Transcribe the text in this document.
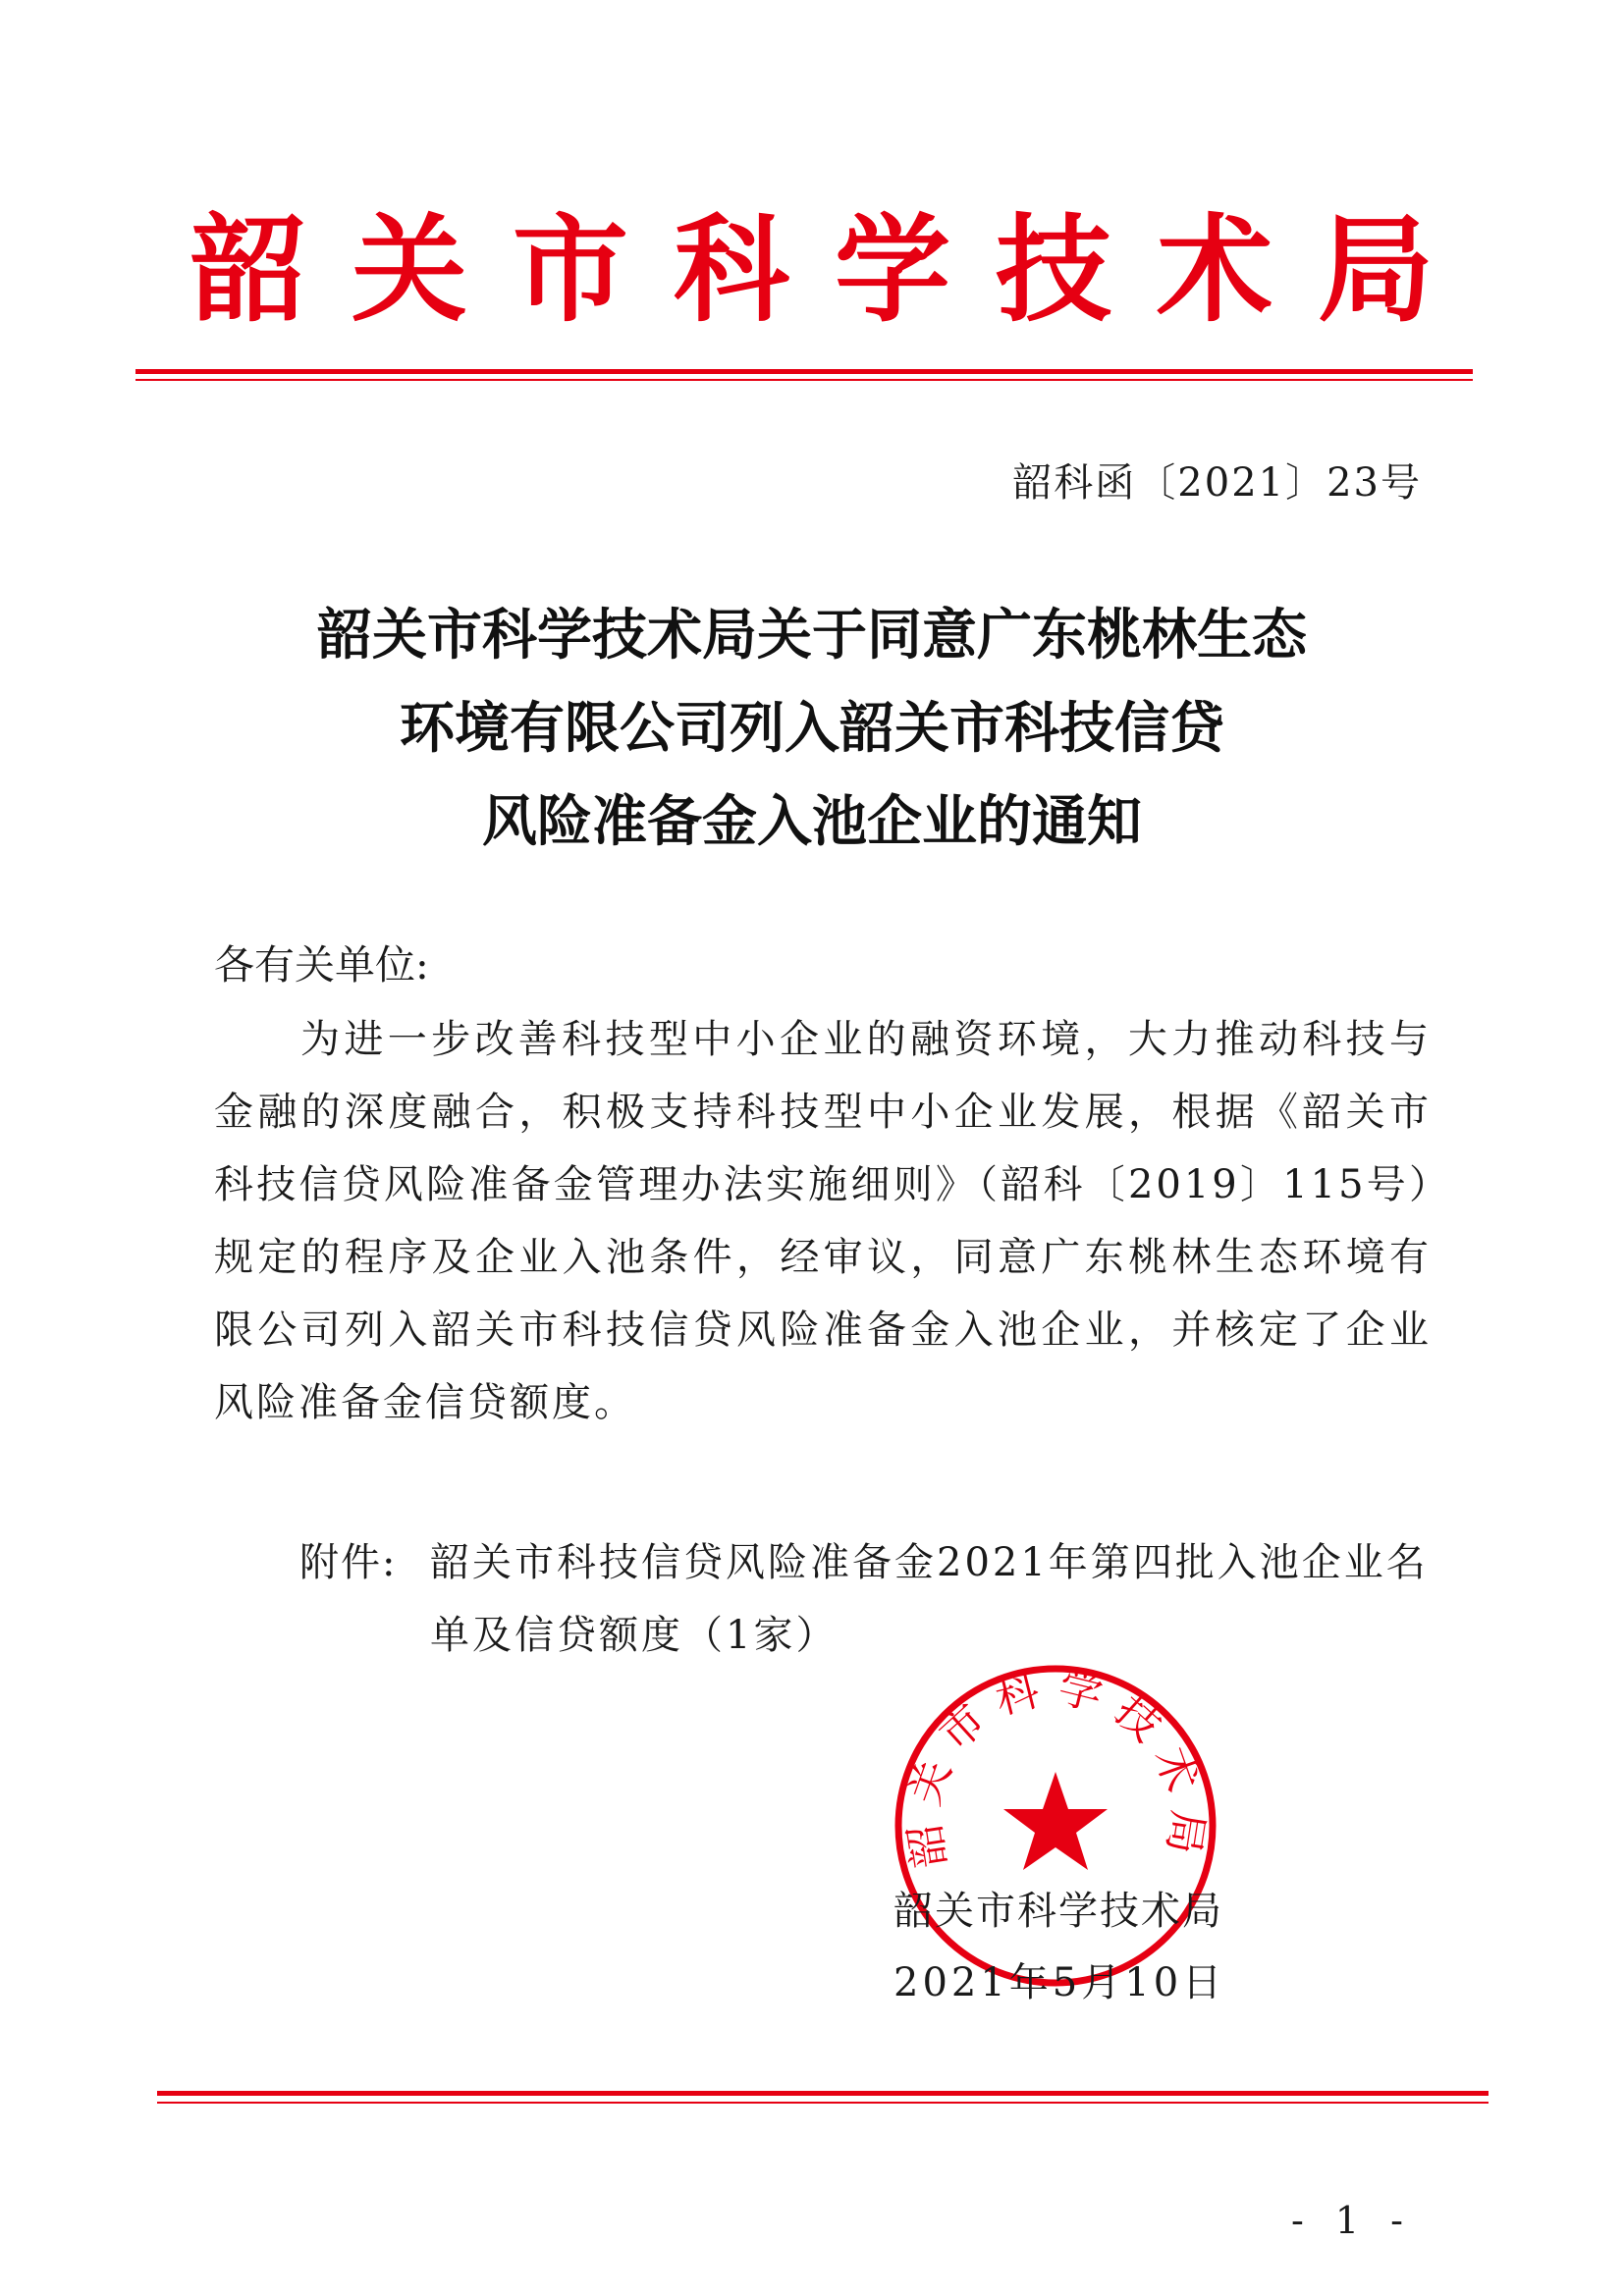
韶关市科学技术局
韶科函〔2021〕23号
韶关市科学技术局关于同意广东桃林生态
环境有限公司列入韶关市科技信贷
风险准备金入池企业的通知
各有关单位:
为进一步改善科技型中小企业的融资环境，大力推动科技与金融的深度融合，积极支持科技型中小企业发展，根据《韶关市科技信贷风险准备金管理办法实施细则》（韶科〔2019〕115号）规定的程序及企业入池条件，经审议，同意广东桃林生态环境有限公司列入韶关市科技信贷风险准备金入池企业，并核定了企业风险准备金信贷额度。
附件: 韶关市科技信贷风险准备金2021年第四批入池企业名单及信贷额度（1家）
韶关市科学技术局
韶关市科学技术局
2021年5月10日
- 1 -
